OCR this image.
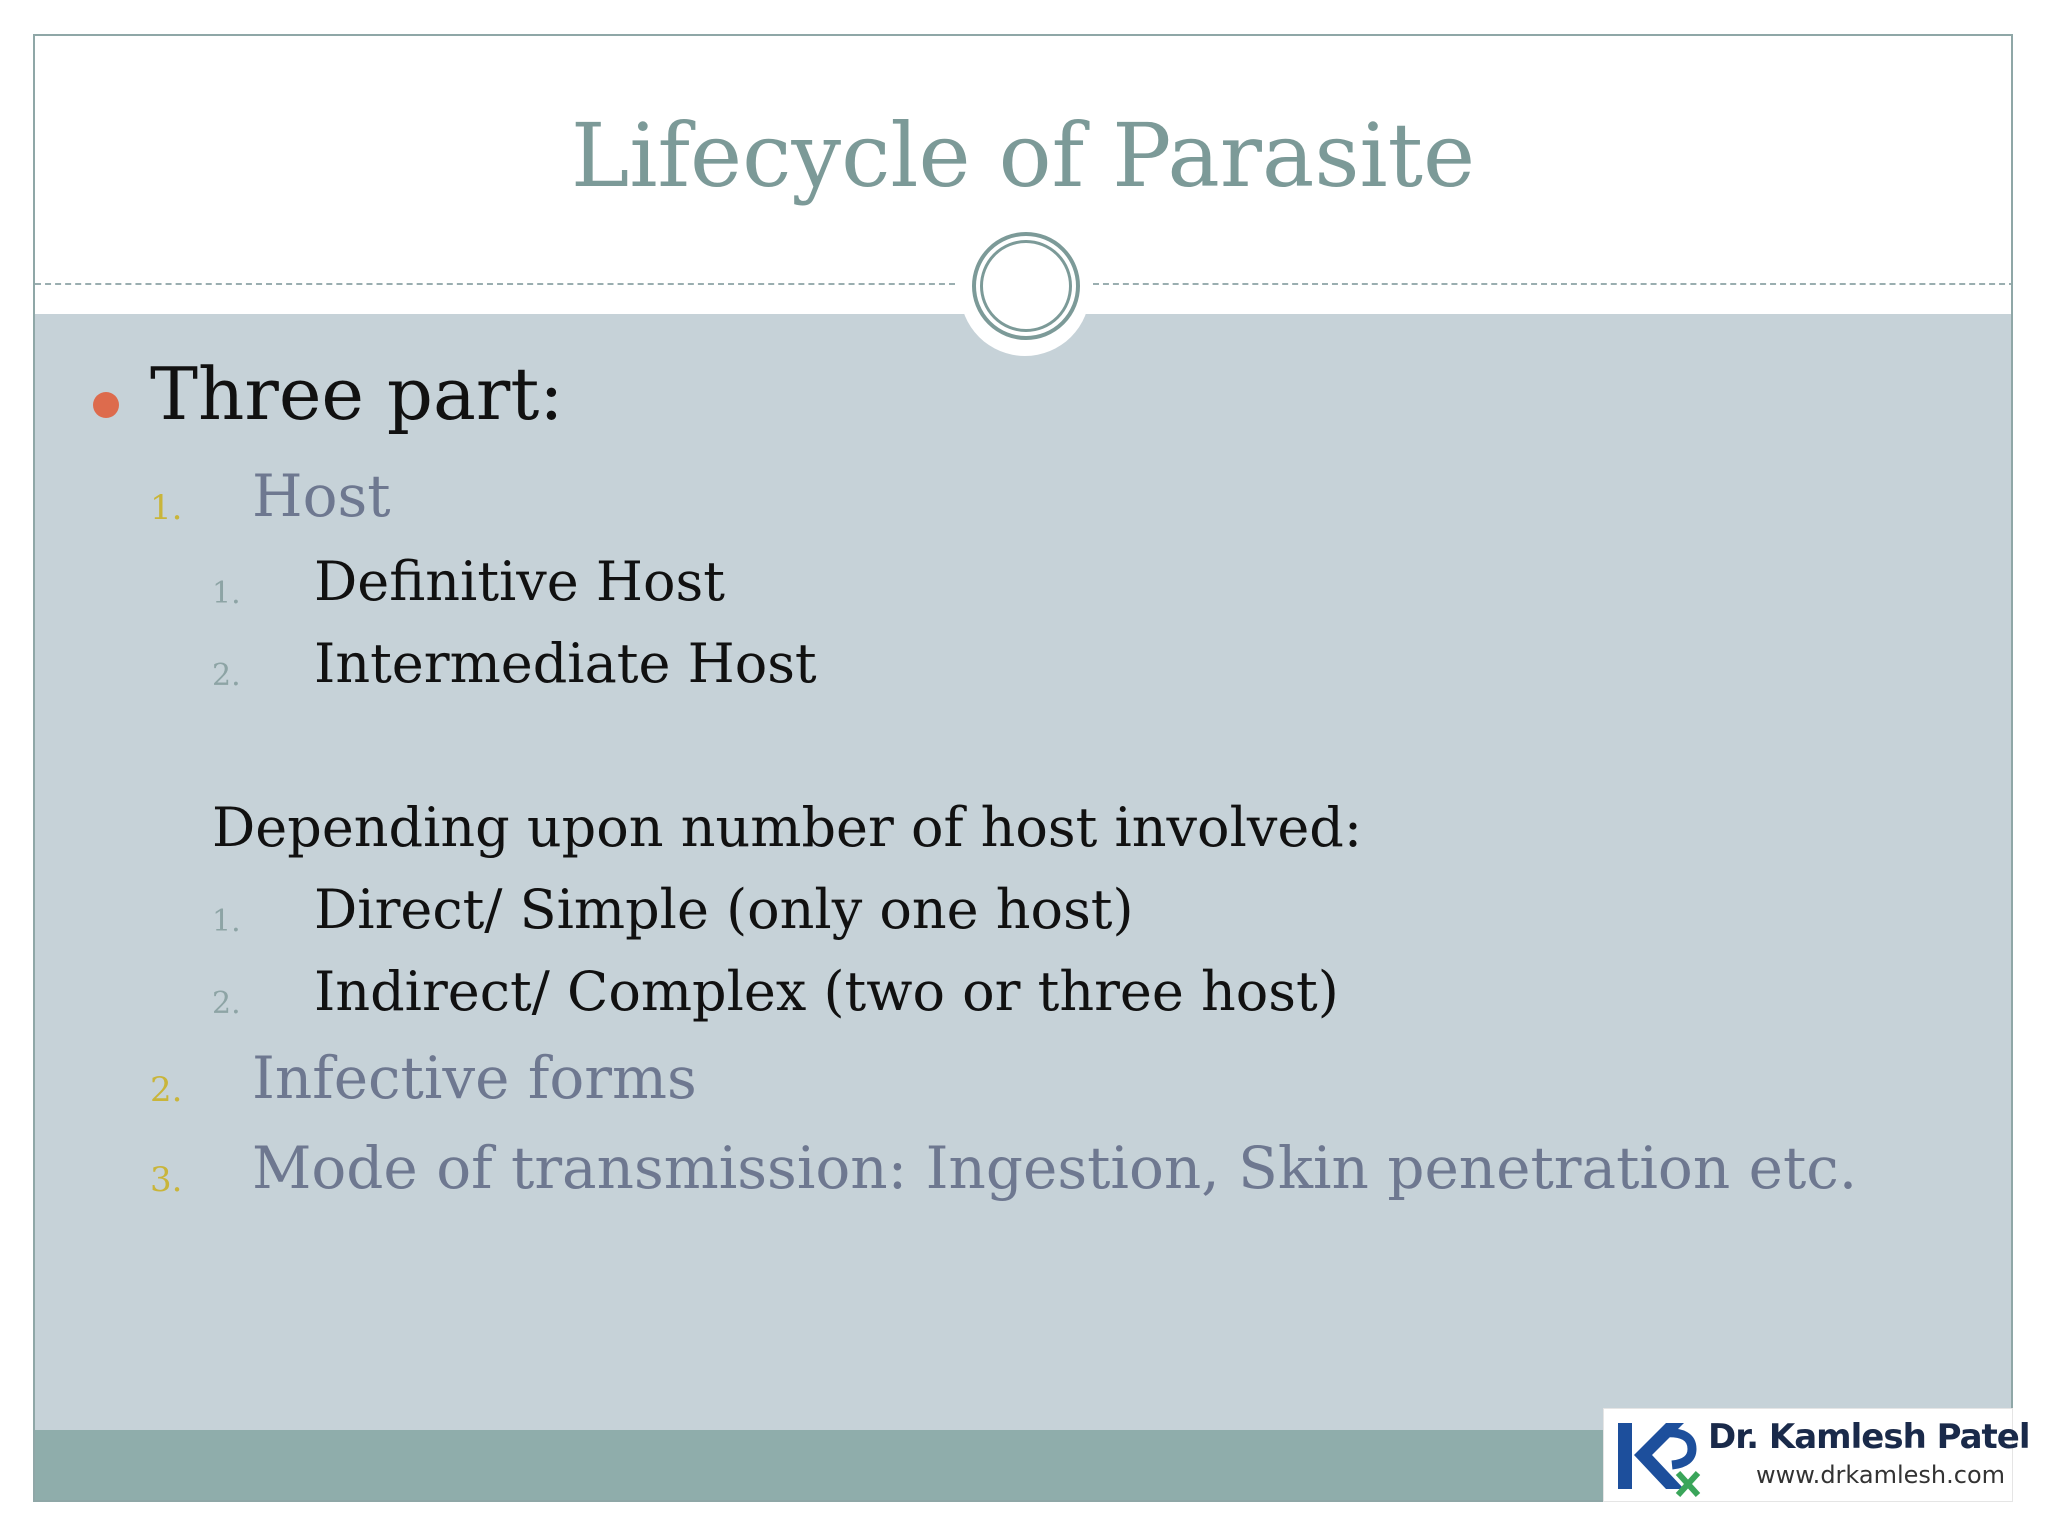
Lifecycle of Parasite
Three part:
1. Host
1. Definitive Host
2. Intermediate Host
Depending upon number of host involved:
1. Direct/ Simple (only one host)
2. Indirect/ Complex (two or three host)
2. Infective forms
3. Mode of transmission: Ingestion, Skin penetration etc.
Dr. Kamlesh Patel
www.drkamlesh.com
